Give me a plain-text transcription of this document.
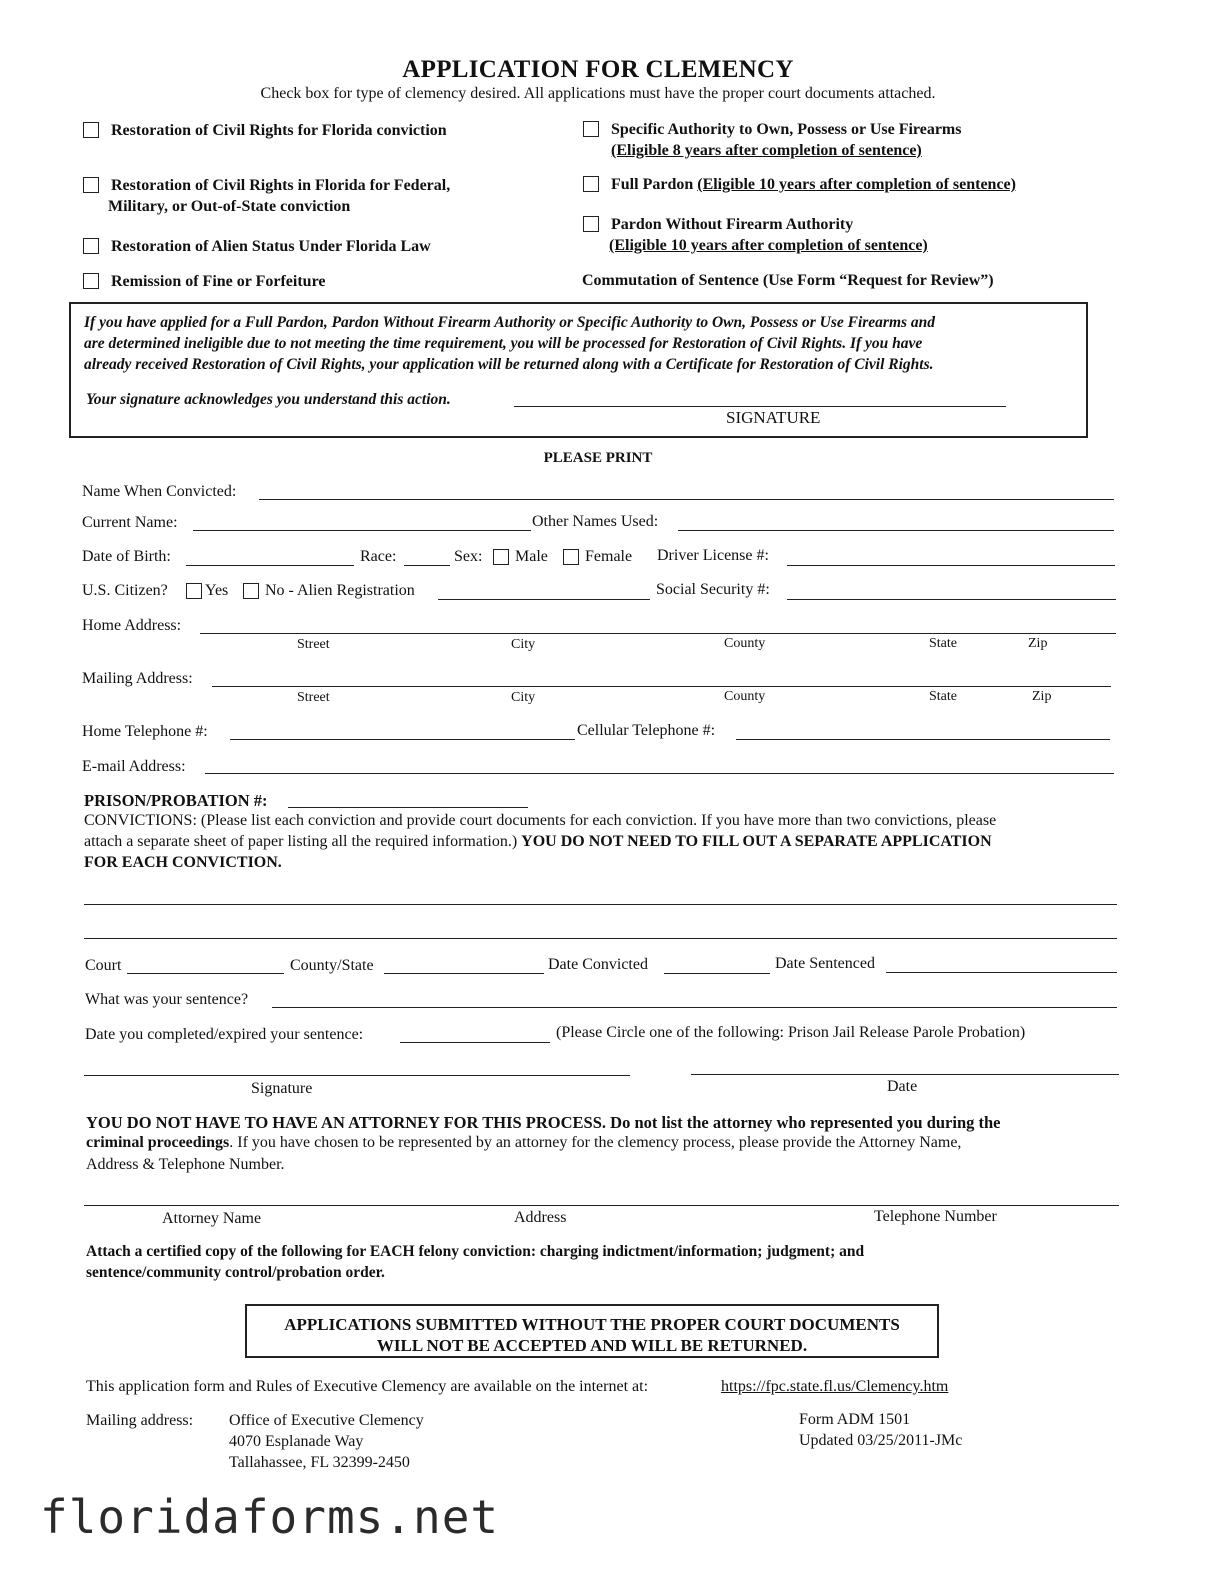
APPLICATION FOR CLEMENCY
Check box for type of clemency desired. All applications must have the proper court documents attached.
Restoration of Civil Rights for Florida conviction
Restoration of Civil Rights in Florida for Federal,
Military, or Out-of-State conviction
Restoration of Alien Status Under Florida Law
Remission of Fine or Forfeiture
Specific Authority to Own, Possess or Use Firearms
(Eligible 8 years after completion of sentence)
Full Pardon (Eligible 10 years after completion of sentence)
Pardon Without Firearm Authority
(Eligible 10 years after completion of sentence)
Commutation of Sentence (Use Form “Request for Review”)
If you have applied for a Full Pardon, Pardon Without Firearm Authority or Specific Authority to Own, Possess or Use Firearms and
are determined ineligible due to not meeting the time requirement, you will be processed for Restoration of Civil Rights. If you have
already received Restoration of Civil Rights, your application will be returned along with a Certificate for Restoration of Civil Rights.
Your signature acknowledges you understand this action.
SIGNATURE
PLEASE PRINT
Name When Convicted:
Current Name:	Other Names Used:
Date of Birth:	Race:	Sex: Male Female Driver License #:
U.S. Citizen? Yes No - Alien Registration	Social Security #:
Home Address:
Street	City	County	State	Zip
Mailing Address:
Street	City	County	State	Zip
Home Telephone #:	Cellular Telephone #:
E-mail Address:
PRISON/PROBATION #:
CONVICTIONS: (Please list each conviction and provide court documents for each conviction. If you have more than two convictions, please
attach a separate sheet of paper listing all the required information.) YOU DO NOT NEED TO FILL OUT A SEPARATE APPLICATION
FOR EACH CONVICTION.
Court	County/State	Date Convicted	Date Sentenced
What was your sentence?
Date you completed/expired your sentence:	(Please Circle one of the following: Prison Jail Release Parole Probation)
Signature	Date
YOU DO NOT HAVE TO HAVE AN ATTORNEY FOR THIS PROCESS. Do not list the attorney who represented you during the
criminal proceedings. If you have chosen to be represented by an attorney for the clemency process, please provide the Attorney Name,
Address & Telephone Number.
Attorney Name	Address	Telephone Number
Attach a certified copy of the following for EACH felony conviction: charging indictment/information; judgment; and
sentence/community control/probation order.
APPLICATIONS SUBMITTED WITHOUT THE PROPER COURT DOCUMENTS
WILL NOT BE ACCEPTED AND WILL BE RETURNED.
This application form and Rules of Executive Clemency are available on the internet at:	https://fpc.state.fl.us/Clemency.htm
Mailing address: Office of Executive Clemency
4070 Esplanade Way
Tallahassee, FL 32399-2450
Form ADM 1501
Updated 03/25/2011-JMc
floridaforms.net
